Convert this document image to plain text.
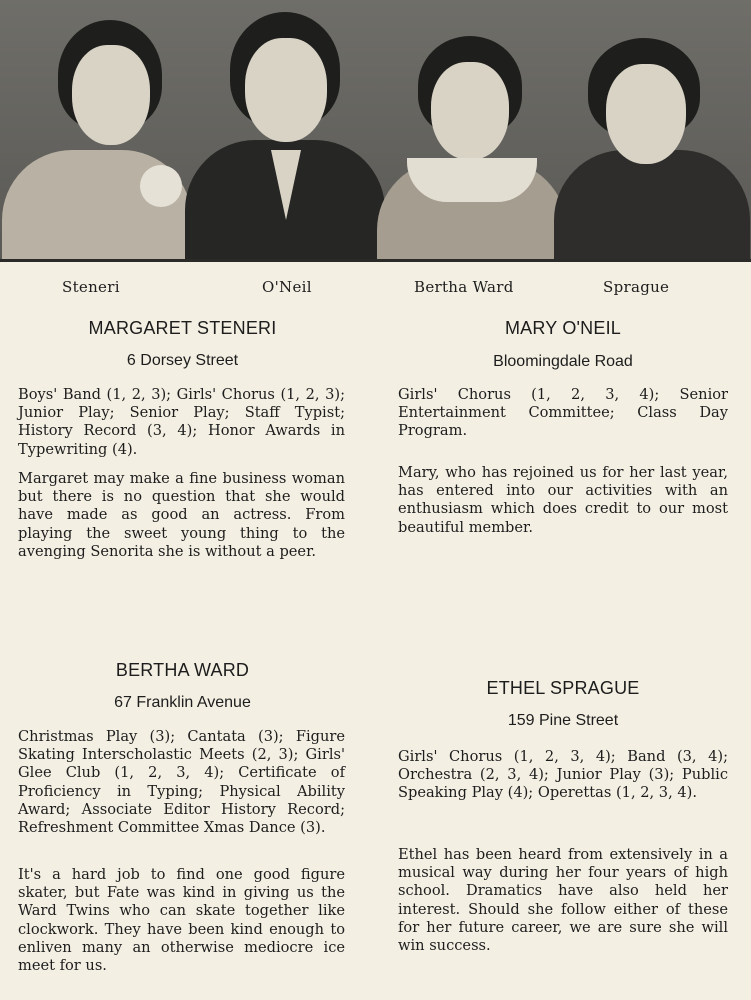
Steneri	O'Neil	Bertha Ward	Sprague
MARGARET STENERI
6 Dorsey Street

Boys' Band (1, 2, 3); Girls' Chorus (1, 2, 3); Junior Play; Senior Play; Staff Typist; History Record (3, 4); Honor Awards in Typewriting (4).

Margaret may make a fine business woman but there is no question that she would have made as good an actress. From playing the sweet young thing to the avenging Senorita she is without a peer.

MARY O'NEIL
Bloomingdale Road

Girls' Chorus (1, 2, 3, 4); Senior Entertainment Committee; Class Day Program.

Mary, who has rejoined us for her last year, has entered into our activities with an enthusiasm which does credit to our most beautiful member.

BERTHA WARD
67 Franklin Avenue

Christmas Play (3); Cantata (3); Figure Skating Interscholastic Meets (2, 3); Girls' Glee Club (1, 2, 3, 4); Certificate of Proficiency in Typing; Physical Ability Award; Associate Editor History Record; Refreshment Committee Xmas Dance (3).

It's a hard job to find one good figure skater, but Fate was kind in giving us the Ward Twins who can skate together like clockwork. They have been kind enough to enliven many an otherwise mediocre ice meet for us.

ETHEL SPRAGUE
159 Pine Street

Girls' Chorus (1, 2, 3, 4); Band (3, 4); Orchestra (2, 3, 4); Junior Play (3); Public Speaking Play (4); Operettas (1, 2, 3, 4).

Ethel has been heard from extensively in a musical way during her four years of high school. Dramatics have also held her interest. Should she follow either of these for her future career, we are sure she will win success.
